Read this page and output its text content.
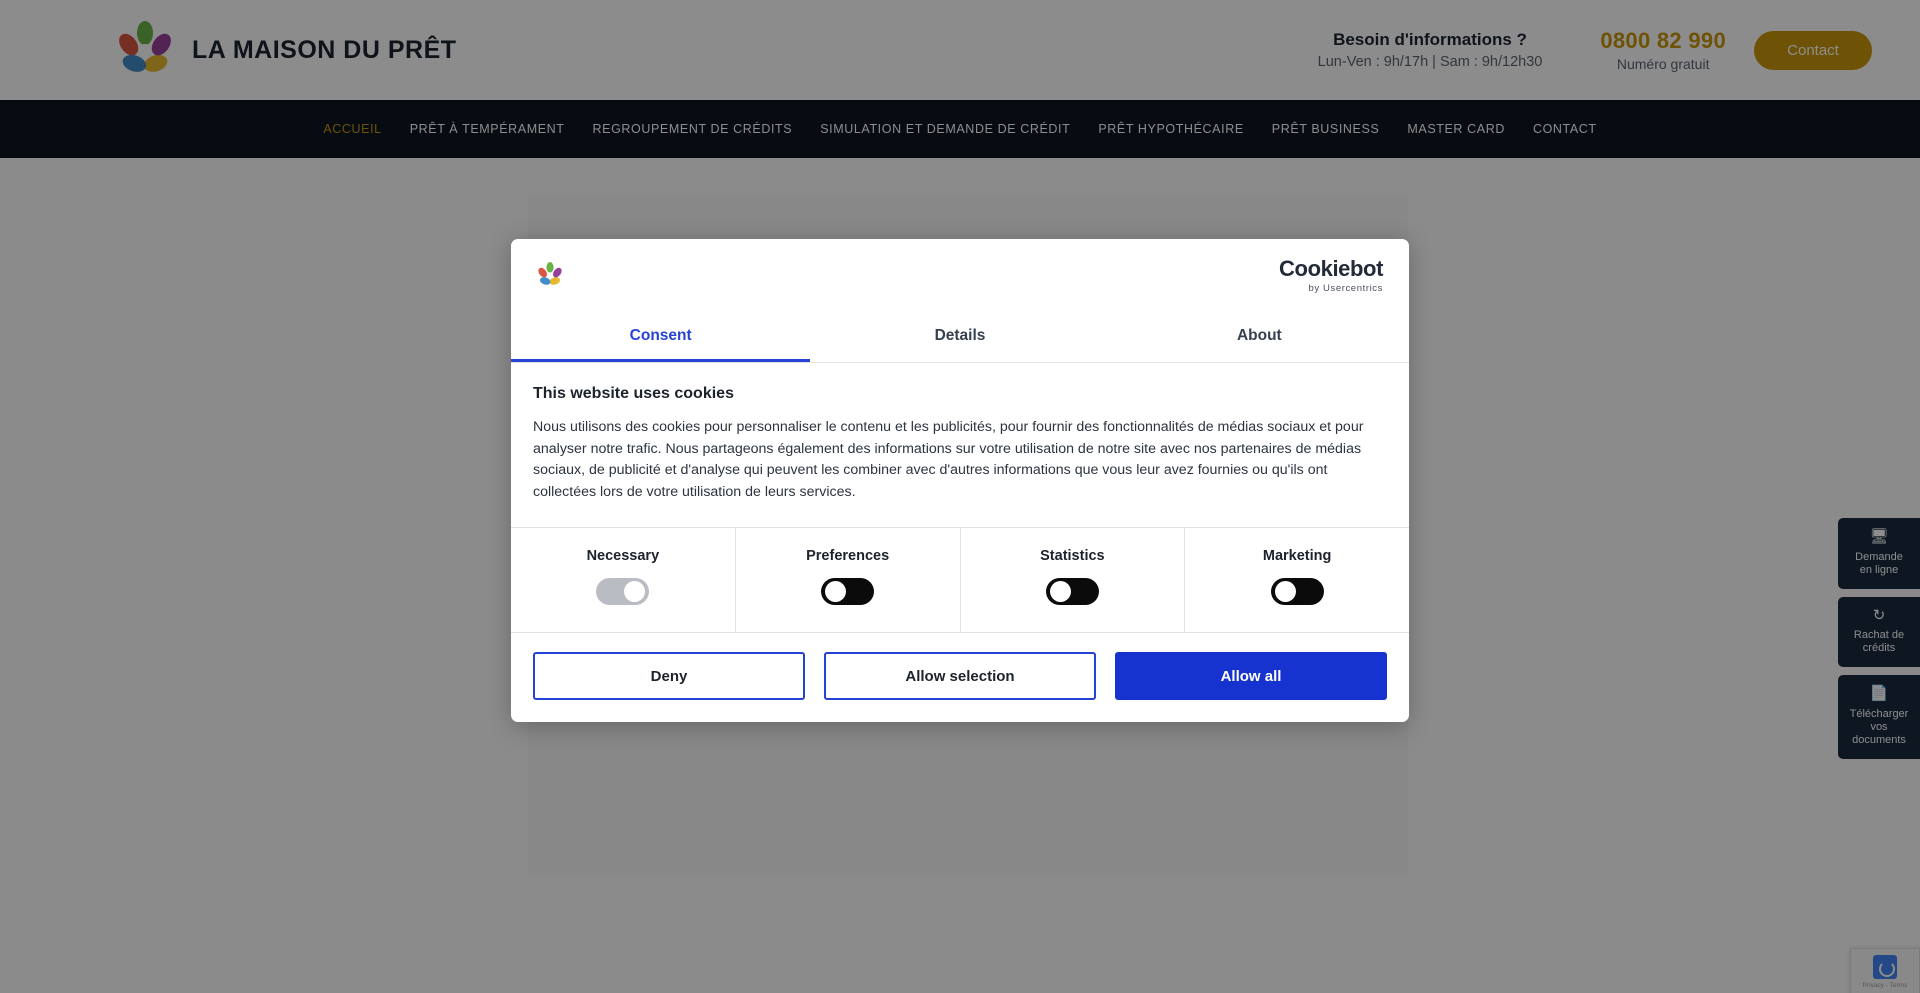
LA MAISON DU PRÊT	Besoin d'informations ?
Lun-Ven : 9h/17h | Sam : 9h/12h30
0800 82 990
Numéro gratuit
Contact
ACCUEIL	PRÊT À TEMPÉRAMENT	REGROUPEMENT DE CRÉDITS	SIMULATION ET DEMANDE DE CRÉDIT	PRÊT HYPOTHÉCAIRE	PRÊT BUSINESS	MASTER CARD	CONTACT
🖥
Demande
en ligne
↻
Rachat de
crédits
📄
Télécharger vos
documents
Privacy - Terms
Cookiebot
by Usercentrics
Consent	Details	About
This website uses cookies

Nous utilisons des cookies pour personnaliser le contenu et les publicités, pour fournir des fonctionnalités de médias sociaux et pour analyser notre trafic. Nous partageons également des informations sur votre utilisation de notre site avec nos partenaires de médias sociaux, de publicité et d'analyse qui peuvent les combiner avec d'autres informations que vous leur avez fournies ou qu'ils ont collectées lors de votre utilisation de leurs services.

Necessary	Preferences	Statistics	Marketing
Deny	Allow selection	Allow all
